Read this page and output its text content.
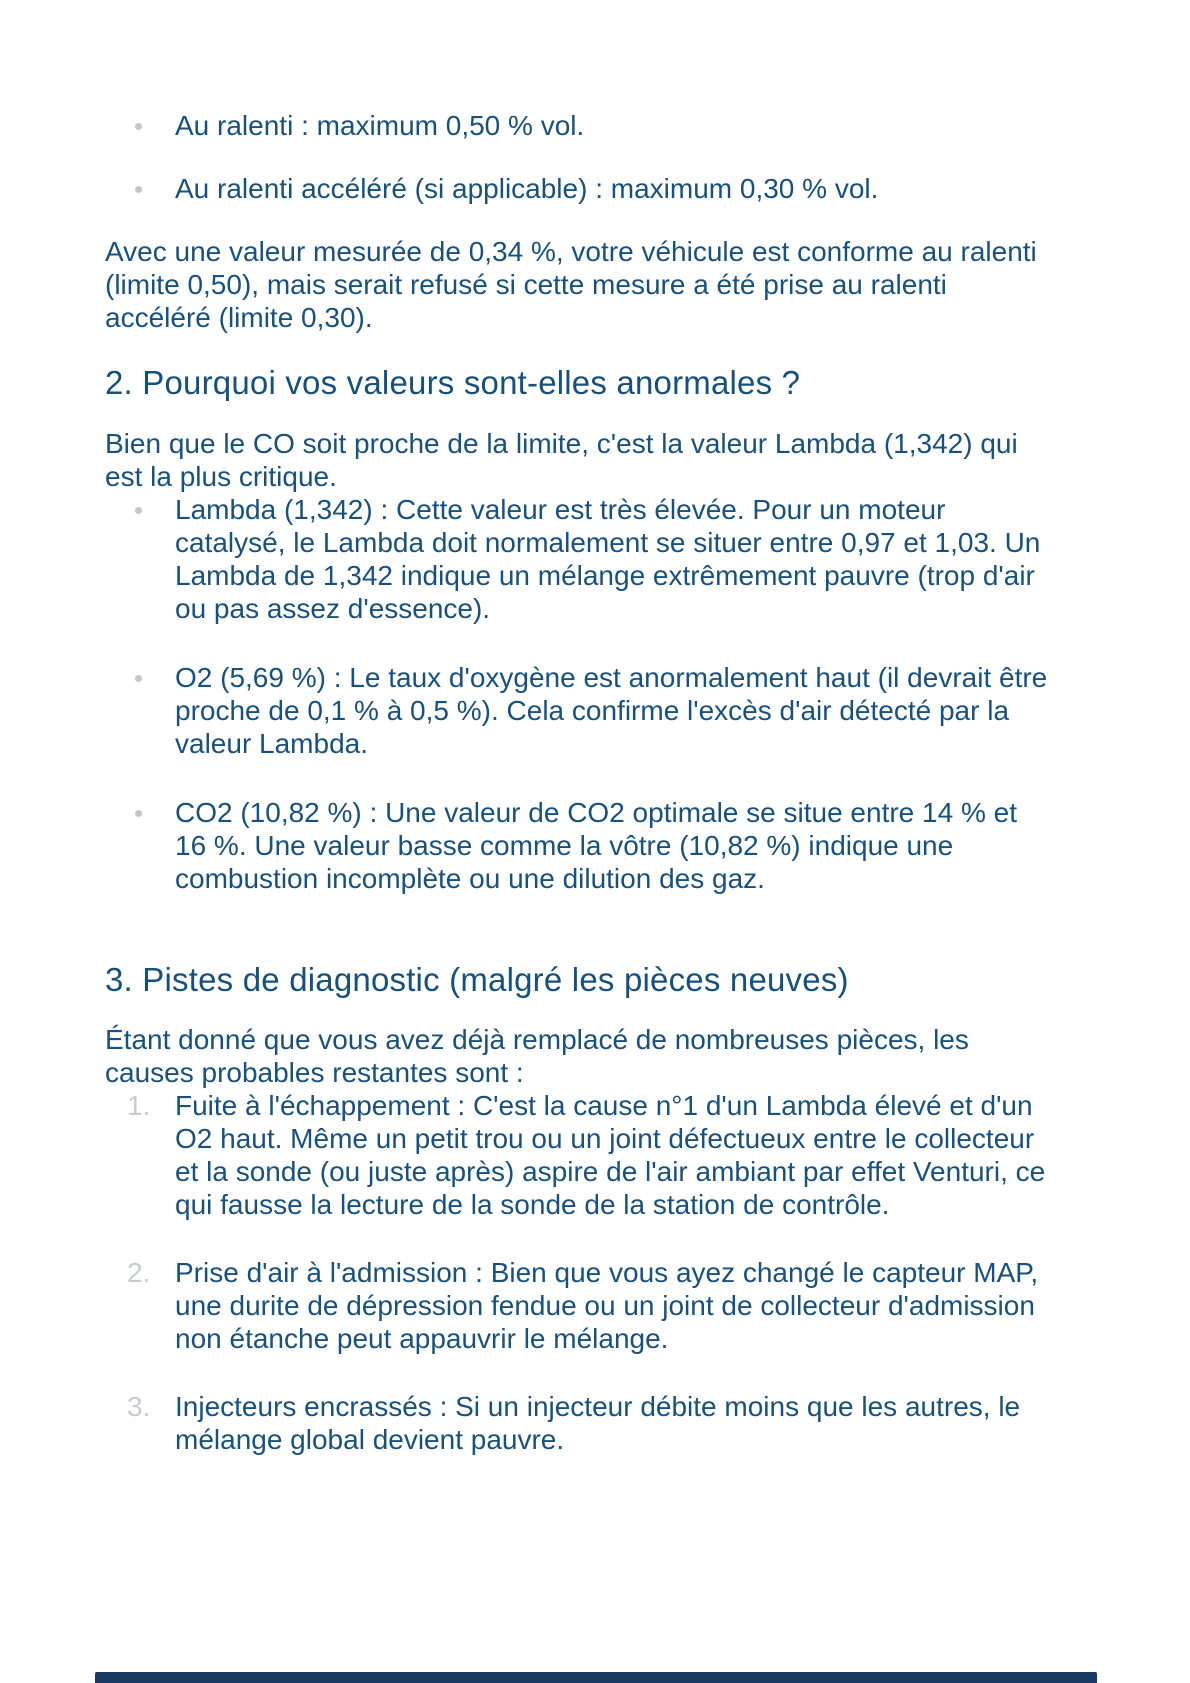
Au ralenti : maximum 0,50 % vol.
Au ralenti accéléré (si applicable) : maximum 0,30 % vol.

Avec une valeur mesurée de 0,34 %, votre véhicule est conforme au ralenti (limite 0,50), mais serait refusé si cette mesure a été prise au ralenti accéléré (limite 0,30).

2. Pourquoi vos valeurs sont-elles anormales ?

Bien que le CO soit proche de la limite, c'est la valeur Lambda (1,342) qui est la plus critique.

Lambda (1,342) : Cette valeur est très élevée. Pour un moteur catalysé, le Lambda doit normalement se situer entre 0,97 et 1,03. Un Lambda de 1,342 indique un mélange extrêmement pauvre (trop d'air ou pas assez d'essence).
O2 (5,69 %) : Le taux d'oxygène est anormalement haut (il devrait être proche de 0,1 % à 0,5 %). Cela confirme l'excès d'air détecté par la valeur Lambda.
CO2 (10,82 %) : Une valeur de CO2 optimale se situe entre 14 % et 16 %. Une valeur basse comme la vôtre (10,82 %) indique une combustion incomplète ou une dilution des gaz.
3. Pistes de diagnostic (malgré les pièces neuves)

Étant donné que vous avez déjà remplacé de nombreuses pièces, les causes probables restantes sont :

1. Fuite à l'échappement : C'est la cause n°1 d'un Lambda élevé et d'un O2 haut. Même un petit trou ou un joint défectueux entre le collecteur et la sonde (ou juste après) aspire de l'air ambiant par effet Venturi, ce qui fausse la lecture de la sonde de la station de contrôle.
2. Prise d'air à l'admission : Bien que vous ayez changé le capteur MAP, une durite de dépression fendue ou un joint de collecteur d'admission non étanche peut appauvrir le mélange.
3. Injecteurs encrassés : Si un injecteur débite moins que les autres, le mélange global devient pauvre.
